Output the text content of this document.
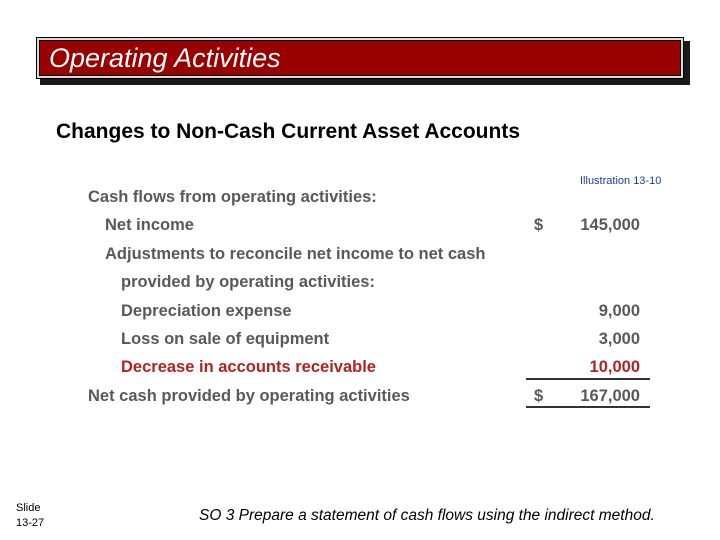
Operating Activities
Changes to Non-Cash Current Asset Accounts
Illustration 13-10
Cash flows from operating activities:
Net income	$ 145,000
Adjustments to reconcile net income to net cash
provided by operating activities:
Depreciation expense	9,000
Loss on sale of equipment	3,000
Decrease in accounts receivable	10,000
Net cash provided by operating activities	$ 167,000
Slide
13-27	SO 3 Prepare a statement of cash flows using the indirect method.
